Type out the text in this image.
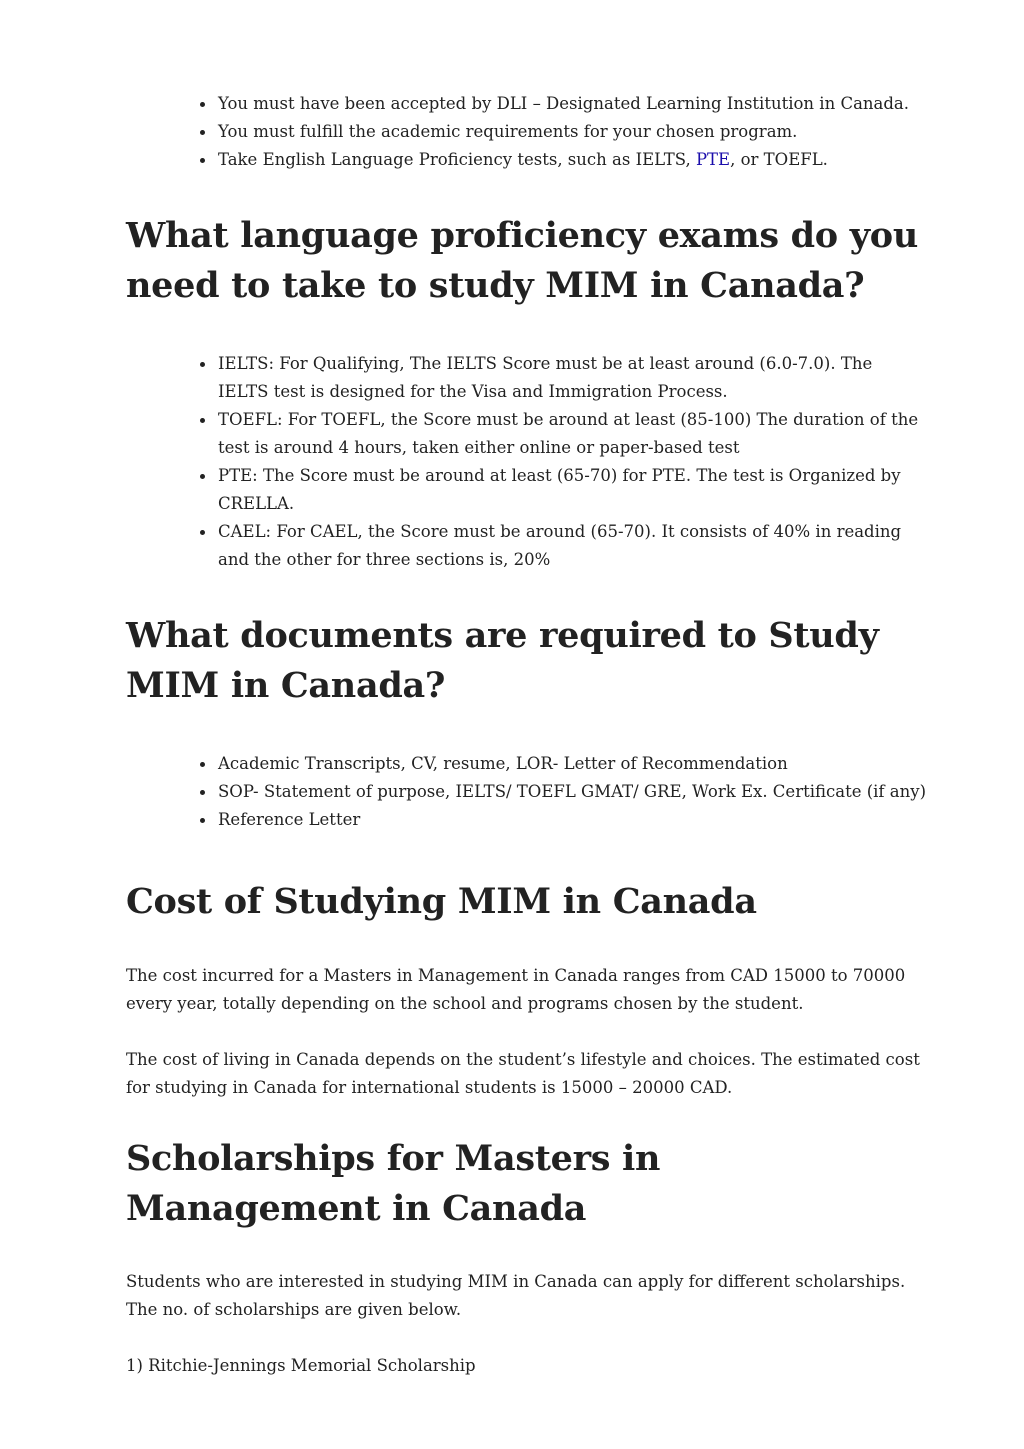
You must have been accepted by DLI – Designated Learning Institution in Canada.
You must fulfill the academic requirements for your chosen program.
Take English Language Proficiency tests, such as IELTS, PTE, or TOEFL.
What language proficiency exams do you need to take to study MIM in Canada?
IELTS: For Qualifying, The IELTS Score must be at least around (6.0-7.0). The IELTS test is designed for the Visa and Immigration Process.
TOEFL: For TOEFL, the Score must be around at least (85-100) The duration of the test is around 4 hours, taken either online or paper-based test
PTE: The Score must be around at least (65-70) for PTE. The test is Organized by CRELLA.
CAEL: For CAEL, the Score must be around (65-70). It consists of 40% in reading and the other for three sections is, 20%
What documents are required to Study MIM in Canada?
Academic Transcripts, CV, resume, LOR- Letter of Recommendation
SOP- Statement of purpose, IELTS/ TOEFL GMAT/ GRE, Work Ex. Certificate (if any)
Reference Letter
Cost of Studying MIM in Canada

The cost incurred for a Masters in Management in Canada ranges from CAD 15000 to 70000 every year, totally depending on the school and programs chosen by the student.

The cost of living in Canada depends on the student’s lifestyle and choices. The estimated cost for studying in Canada for international students is 15000 – 20000 CAD.

Scholarships for Masters in Management in Canada

Students who are interested in studying MIM in Canada can apply for different scholarships. The no. of scholarships are given below.

1) Ritchie-Jennings Memorial Scholarship
